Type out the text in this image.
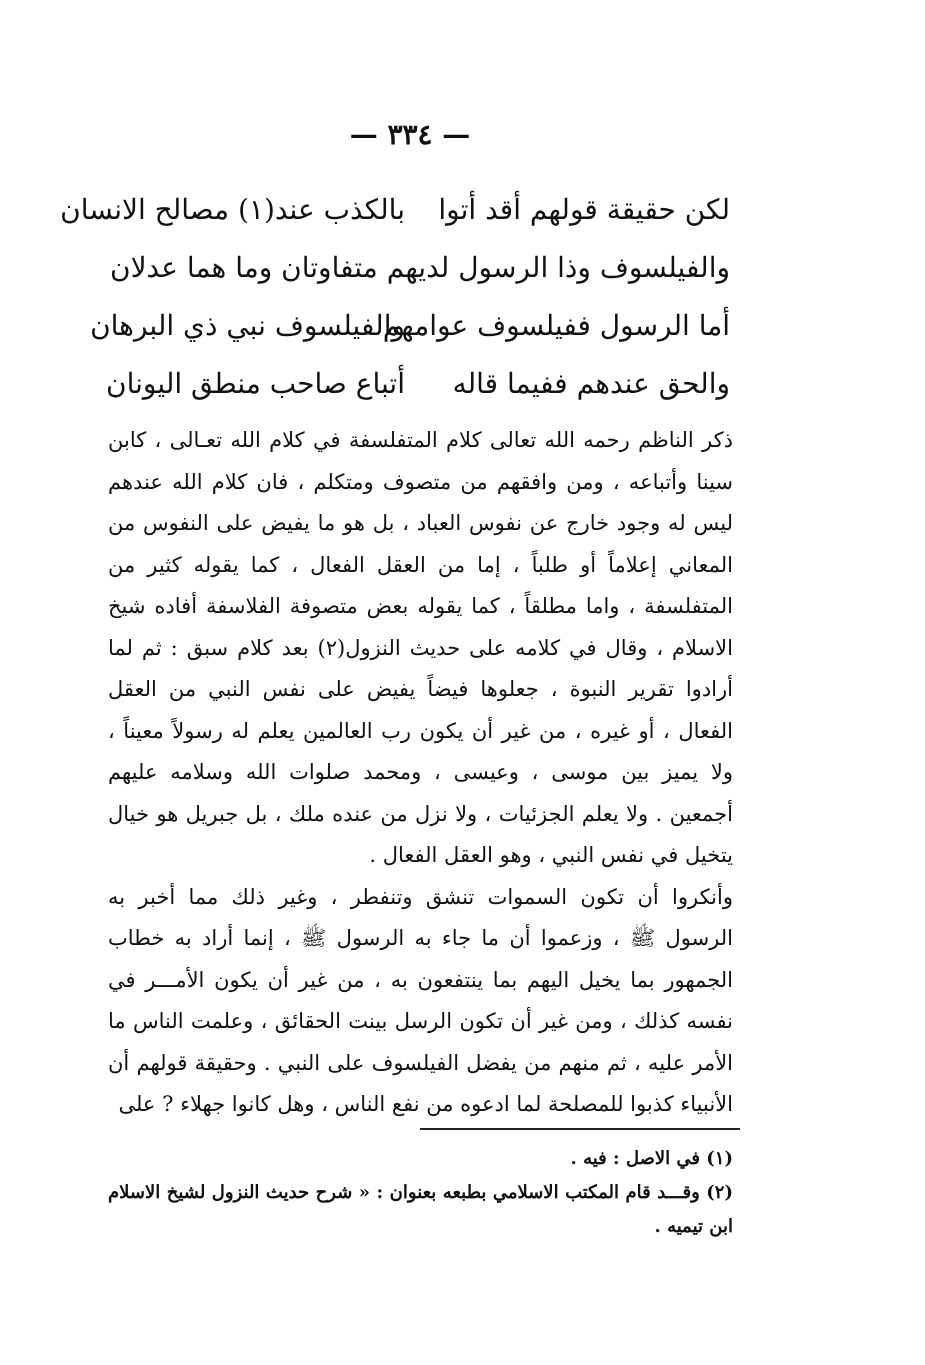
— ٣٣٤ —
لكن حقيقة قولهم أقد أتوا
بالكذب عند(١) مصالح الانسان
والفيلسوف وذا الرسول لديهم
متفاوتان وما هما عدلان
أما الرسول ففيلسوف عوامهم
والفيلسوف نبي ذي البرهان
والحق عندهم ففيما قاله
أتباع صاحب منطق اليونان

ذكر الناظم رحمه الله تعالى كلام المتفلسفة في كلام الله تعـالى ، كابن سينا وأتباعه ، ومن وافقهم من متصوف ومتكلم ، فان كلام الله عندهم ليس له وجود خارج عن نفوس العباد ، بل هو ما يفيض على النفوس من المعاني إعلاماً أو طلباً ، إما من العقل الفعال ، كما يقوله كثير من المتفلسفة ، واما مطلقاً ، كما يقوله بعض متصوفة الفلاسفة أفاده شيخ الاسلام ، وقال في كلامه على حديث النزول(٢) بعد كلام سبق : ثم لما أرادوا تقرير النبوة ، جعلوها فيضاً يفيض على نفس النبي من العقل الفعال ، أو غيره ، من غير أن يكون رب العالمين يعلم له رسولاً معيناً ، ولا يميز بين موسى ، وعيسى ، ومحمد صلوات الله وسلامه عليهم أجمعين . ولا يعلم الجزئيات ، ولا نزل من عنده ملك ، بل جبريل هو خيال يتخيل في نفس النبي ، وهو العقل الفعال .

وأنكروا أن تكون السموات تنشق وتنفطر ، وغير ذلك مما أخبر به الرسول ﷺ ، وزعموا أن ما جاء به الرسول ﷺ ، إنما أراد به خطاب الجمهور بما يخيل اليهم بما ينتفعون به ، من غير أن يكون الأمـــر في نفسه كذلك ، ومن غير أن تكون الرسل بينت الحقائق ، وعلمت الناس ما الأمر عليه ، ثم منهم من يفضل الفيلسوف على النبي . وحقيقة قولهم أن الأنبياء كذبوا للمصلحة لما ادعوه من نفع الناس ، وهل كانوا جهلاء ? على

(١) في الاصل : فيه .

(٢) وقـــد قام المكتب الاسلامي بطبعه بعنوان : « شرح حديث النزول لشيخ الاسلام ابن تيميه .
